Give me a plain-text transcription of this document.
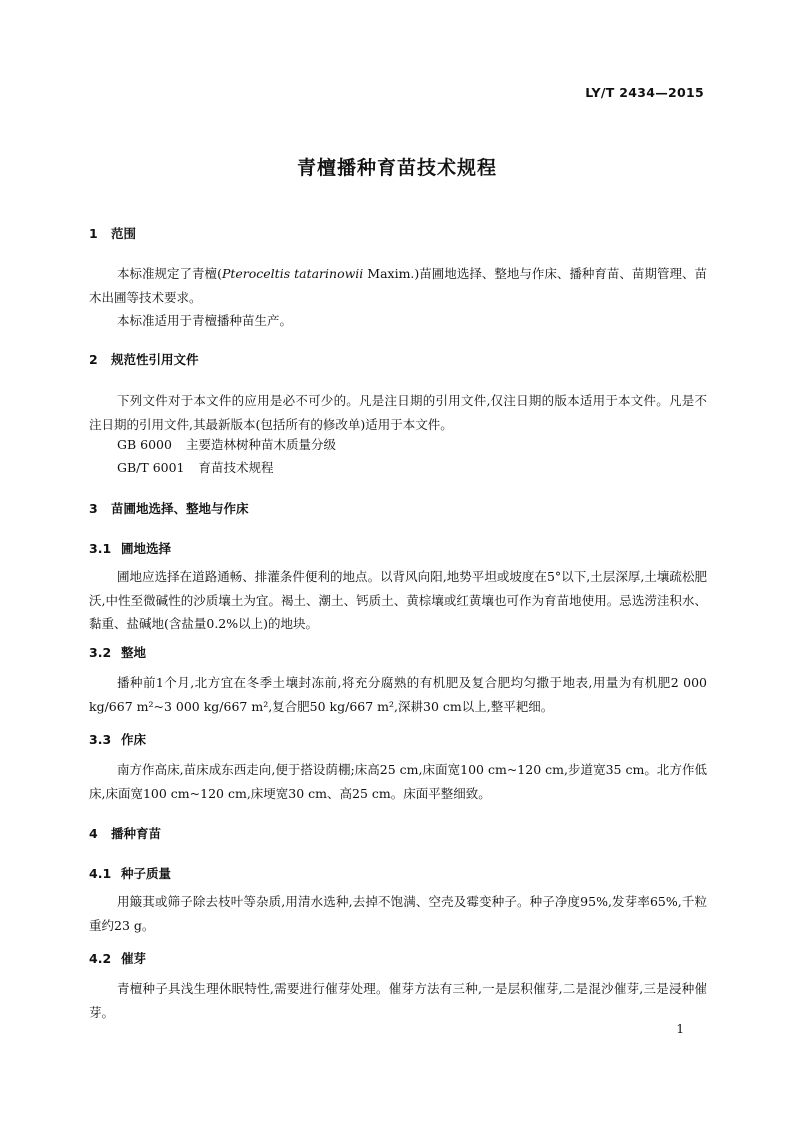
LY/T 2434—2015
青檀播种育苗技术规程
1 范围
本标准规定了青檀(Pteroceltis tatarinowii Maxim.)苗圃地选择、整地与作床、播种育苗、苗期管理、苗木出圃等技术要求。
本标准适用于青檀播种苗生产。
2 规范性引用文件
下列文件对于本文件的应用是必不可少的。凡是注日期的引用文件,仅注日期的版本适用于本文件。凡是不注日期的引用文件,其最新版本(包括所有的修改单)适用于本文件。
GB 6000 主要造林树种苗木质量分级
GB/T 6001 育苗技术规程
3 苗圃地选择、整地与作床
3.1 圃地选择
圃地应选择在道路通畅、排灌条件便利的地点。以背风向阳,地势平坦或坡度在5°以下,土层深厚,土壤疏松肥沃,中性至微碱性的沙质壤土为宜。褐土、潮土、钙质土、黄棕壤或红黄壤也可作为育苗地使用。忌选涝洼积水、黏重、盐碱地(含盐量0.2%以上)的地块。
3.2 整地
播种前1个月,北方宜在冬季土壤封冻前,将充分腐熟的有机肥及复合肥均匀撒于地表,用量为有机肥2 000 kg/667 m²~3 000 kg/667 m²,复合肥50 kg/667 m²,深耕30 cm以上,整平耙细。
3.3 作床
南方作高床,苗床成东西走向,便于搭设荫棚;床高25 cm,床面宽100 cm~120 cm,步道宽35 cm。北方作低床,床面宽100 cm~120 cm,床埂宽30 cm、高25 cm。床面平整细致。
4 播种育苗
4.1 种子质量
用簸萁或筛子除去枝叶等杂质,用清水选种,去掉不饱满、空壳及霉变种子。种子净度95%,发芽率65%,千粒重约23 g。
4.2 催芽
青檀种子具浅生理休眠特性,需要进行催芽处理。催芽方法有三种,一是层积催芽,二是混沙催芽,三是浸种催芽。
1
